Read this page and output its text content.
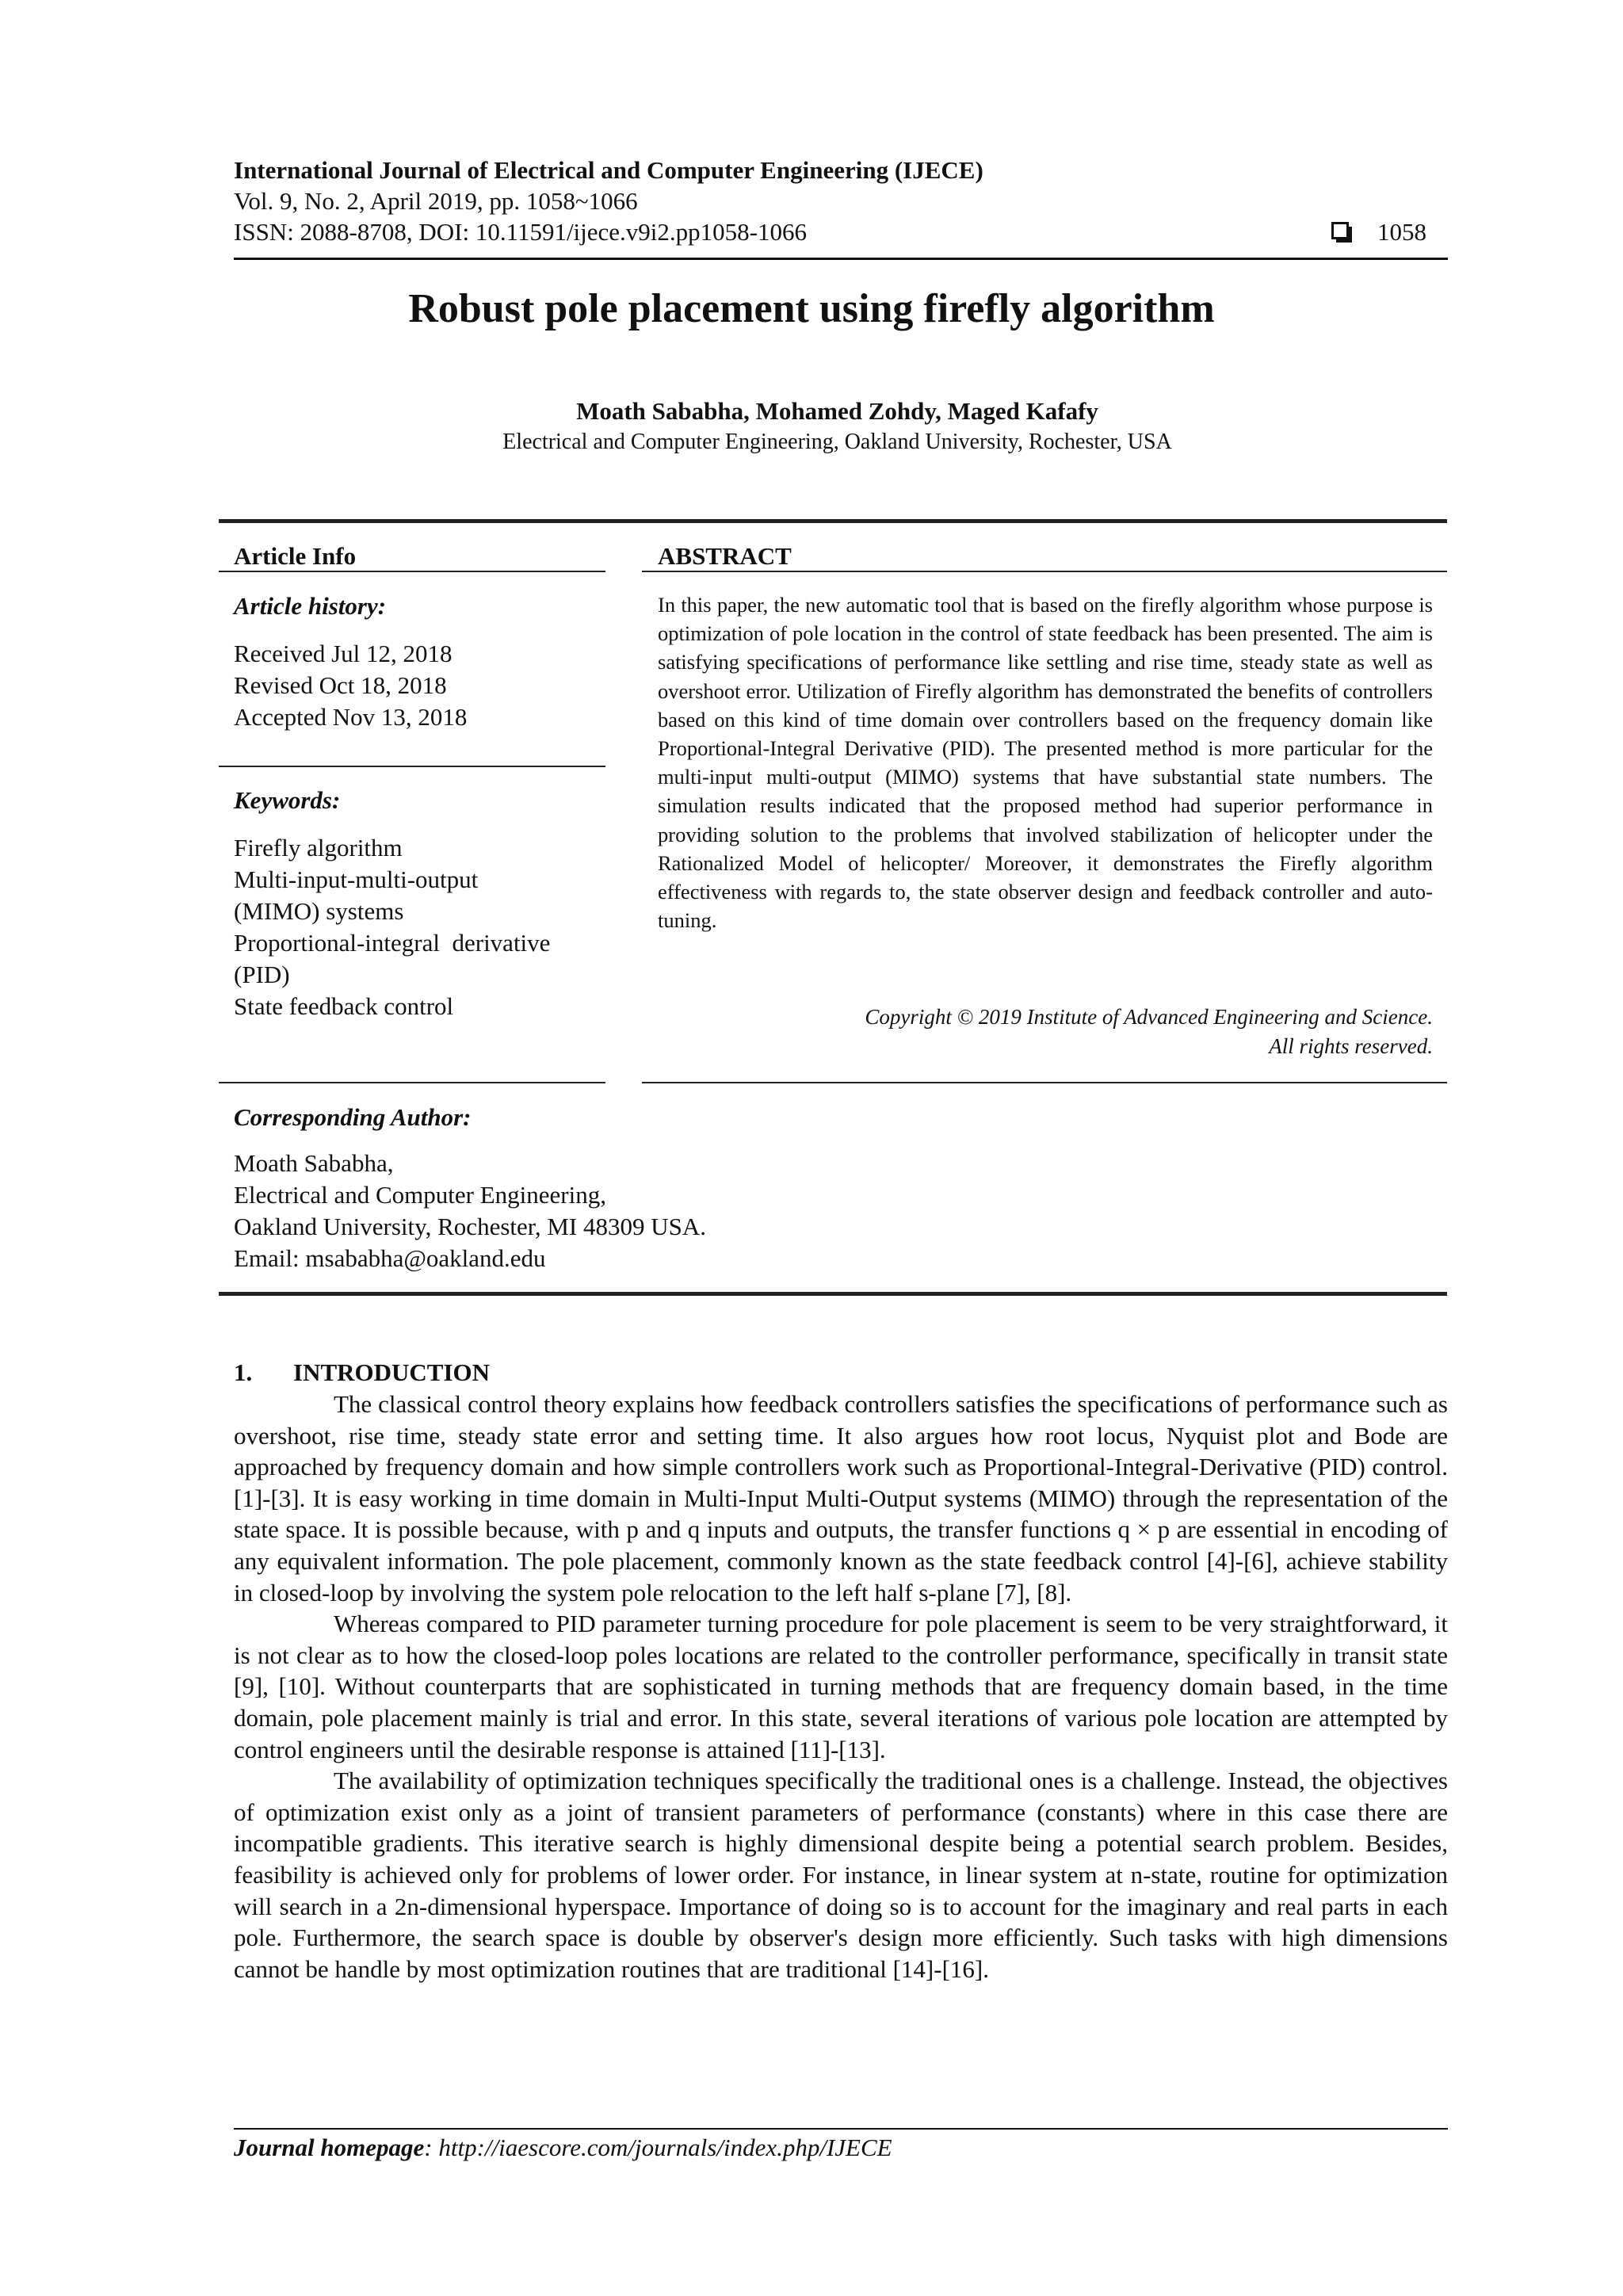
International Journal of Electrical and Computer Engineering (IJECE)
Vol. 9, No. 2, April 2019, pp. 1058~1066
ISSN: 2088-8708, DOI: 10.11591/ijece.v9i2.pp1058-1066	1058
Robust pole placement using firefly algorithm
Moath Sababha, Mohamed Zohdy, Maged Kafafy
Electrical and Computer Engineering, Oakland University, Rochester, USA
Article Info
Article history:
Received Jul 12, 2018
Revised Oct 18, 2018
Accepted Nov 13, 2018
Keywords:
Firefly algorithm
Multi-input-multi-output
(MIMO) systems
Proportional-integral  derivative
(PID)
State feedback control
ABSTRACT
In this paper, the new automatic tool that is based on the firefly algorithm whose purpose is optimization of pole location in the control of state feedback has been presented. The aim is satisfying specifications of performance like settling and rise time, steady state as well as overshoot error. Utilization of Firefly algorithm has demonstrated the benefits of controllers based on this kind of time domain over controllers based on the frequency domain like Proportional-Integral Derivative (PID). The presented method is more particular for the multi-input multi-output (MIMO) systems that have substantial state numbers. The simulation results indicated that the proposed method had superior performance in providing solution to the problems that involved stabilization of helicopter under the Rationalized Model of helicopter/ Moreover, it demonstrates the Firefly algorithm effectiveness with regards to, the state observer design and feedback controller and auto-tuning.
Copyright © 2019 Institute of Advanced Engineering and Science.
All rights reserved.
Corresponding Author:
Moath Sababha,
Electrical and Computer Engineering,
Oakland University, Rochester, MI 48309 USA.
Email: msababha@oakland.edu
1. INTRODUCTION

The classical control theory explains how feedback controllers satisfies the specifications of performance such as overshoot, rise time, steady state error and setting time. It also argues how root locus, Nyquist plot and Bode are approached by frequency domain and how simple controllers work such as Proportional-Integral-Derivative (PID) control. [1]-[3]. It is easy working in time domain in Multi-Input Multi-Output systems (MIMO) through the representation of the state space. It is possible because, with p and q inputs and outputs, the transfer functions q × p are essential in encoding of any equivalent information. The pole placement, commonly known as the state feedback control [4]-[6], achieve stability in closed-loop by involving the system pole relocation to the left half s-plane [7], [8].

Whereas compared to PID parameter turning procedure for pole placement is seem to be very straightforward, it is not clear as to how the closed-loop poles locations are related to the controller performance, specifically in transit state [9], [10]. Without counterparts that are sophisticated in turning methods that are frequency domain based, in the time domain, pole placement mainly is trial and error. In this state, several iterations of various pole location are attempted by control engineers until the desirable response is attained [11]-[13].

The availability of optimization techniques specifically the traditional ones is a challenge. Instead, the objectives of optimization exist only as a joint of transient parameters of performance (constants) where in this case there are incompatible gradients. This iterative search is highly dimensional despite being a potential search problem. Besides, feasibility is achieved only for problems of lower order. For instance, in linear system at n-state, routine for optimization will search in a 2n-dimensional hyperspace. Importance of doing so is to account for the imaginary and real parts in each pole. Furthermore, the search space is double by observer's design more efficiently. Such tasks with high dimensions cannot be handle by most optimization routines that are traditional [14]-[16].

Journal homepage: http://iaescore.com/journals/index.php/IJECE
